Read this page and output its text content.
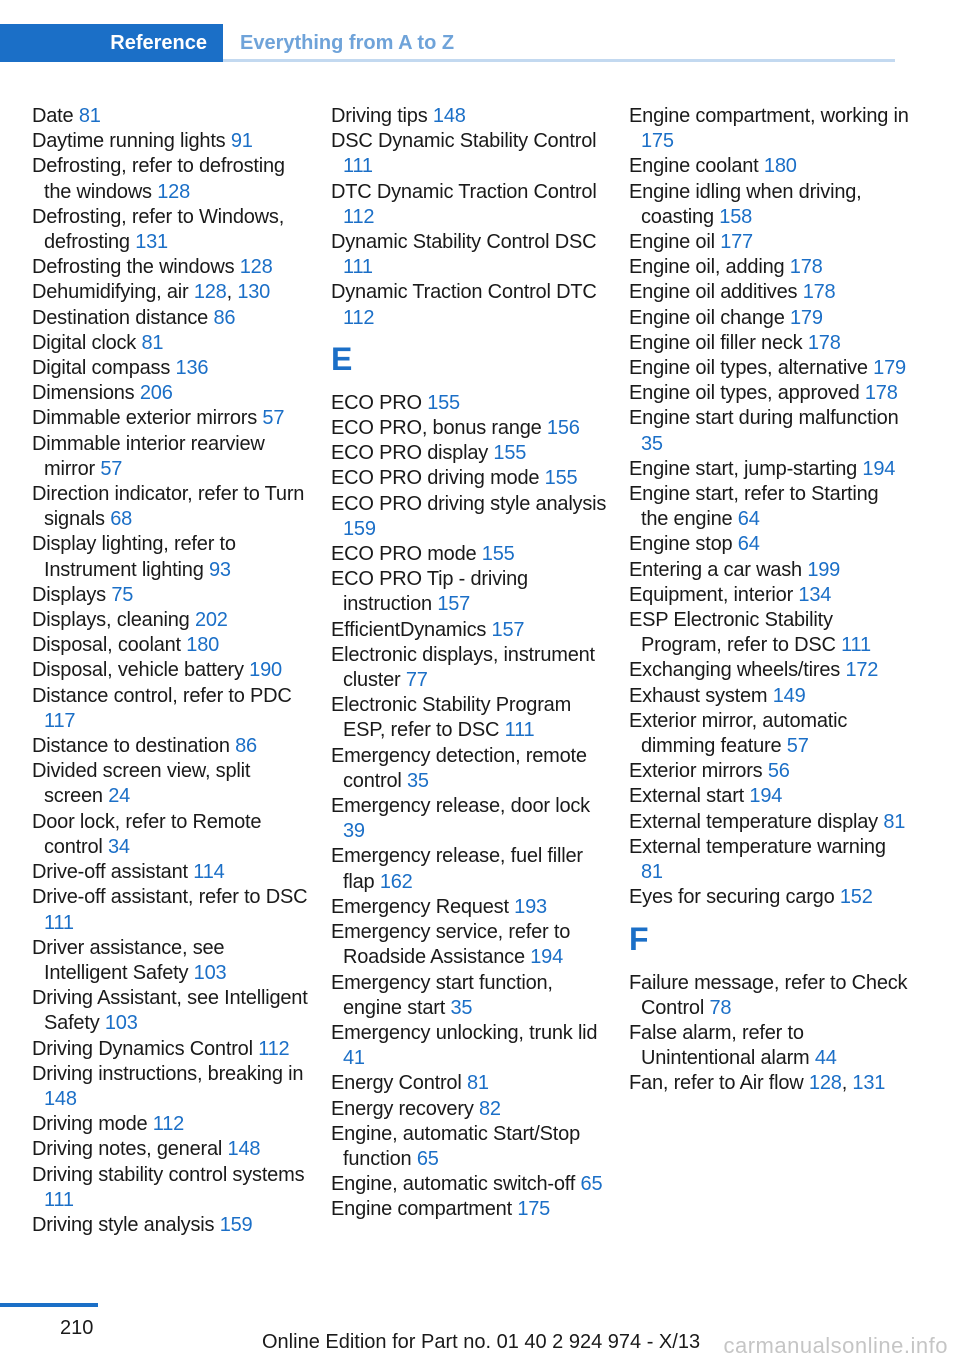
Reference Everything from A to Z
Date 81
Daytime running lights 91
Defrosting, refer to defrosting the windows 128
Defrosting, refer to Windows, defrosting 131
Defrosting the windows 128
Dehumidifying, air 128, 130
Destination distance 86
Digital clock 81
Digital compass 136
Dimensions 206
Dimmable exterior mirrors 57
Dimmable interior rearview mirror 57
Direction indicator, refer to Turn signals 68
Display lighting, refer to Instrument lighting 93
Displays 75
Displays, cleaning 202
Disposal, coolant 180
Disposal, vehicle battery 190
Distance control, refer to PDC 117
Distance to destination 86
Divided screen view, split screen 24
Door lock, refer to Remote control 34
Drive-off assistant 114
Drive-off assistant, refer to DSC 111
Driver assistance, see Intelligent Safety 103
Driving Assistant, see Intelligent Safety 103
Driving Dynamics Control 112
Driving instructions, breaking in 148
Driving mode 112
Driving notes, general 148
Driving stability control systems 111
Driving style analysis 159
Driving tips 148
DSC Dynamic Stability Control 111
DTC Dynamic Traction Control 112
Dynamic Stability Control DSC 111
Dynamic Traction Control DTC 112
E
ECO PRO 155
ECO PRO, bonus range 156
ECO PRO display 155
ECO PRO driving mode 155
ECO PRO driving style analysis 159
ECO PRO mode 155
ECO PRO Tip - driving instruction 157
EfficientDynamics 157
Electronic displays, instrument cluster 77
Electronic Stability Program ESP, refer to DSC 111
Emergency detection, remote control 35
Emergency release, door lock 39
Emergency release, fuel filler flap 162
Emergency Request 193
Emergency service, refer to Roadside Assistance 194
Emergency start function, engine start 35
Emergency unlocking, trunk lid 41
Energy Control 81
Energy recovery 82
Engine, automatic Start/Stop function 65
Engine, automatic switch-off 65
Engine compartment 175
Engine compartment, working in 175
Engine coolant 180
Engine idling when driving, coasting 158
Engine oil 177
Engine oil, adding 178
Engine oil additives 178
Engine oil change 179
Engine oil filler neck 178
Engine oil types, alternative 179
Engine oil types, approved 178
Engine start during malfunction 35
Engine start, jump-starting 194
Engine start, refer to Starting the engine 64
Engine stop 64
Entering a car wash 199
Equipment, interior 134
ESP Electronic Stability Program, refer to DSC 111
Exchanging wheels/tires 172
Exhaust system 149
Exterior mirror, automatic dimming feature 57
Exterior mirrors 56
External start 194
External temperature display 81
External temperature warning 81
Eyes for securing cargo 152
F
Failure message, refer to Check Control 78
False alarm, refer to Unintentional alarm 44
Fan, refer to Air flow 128, 131
210
Online Edition for Part no. 01 40 2 924 974 - X/13 carmanualsonline.info
